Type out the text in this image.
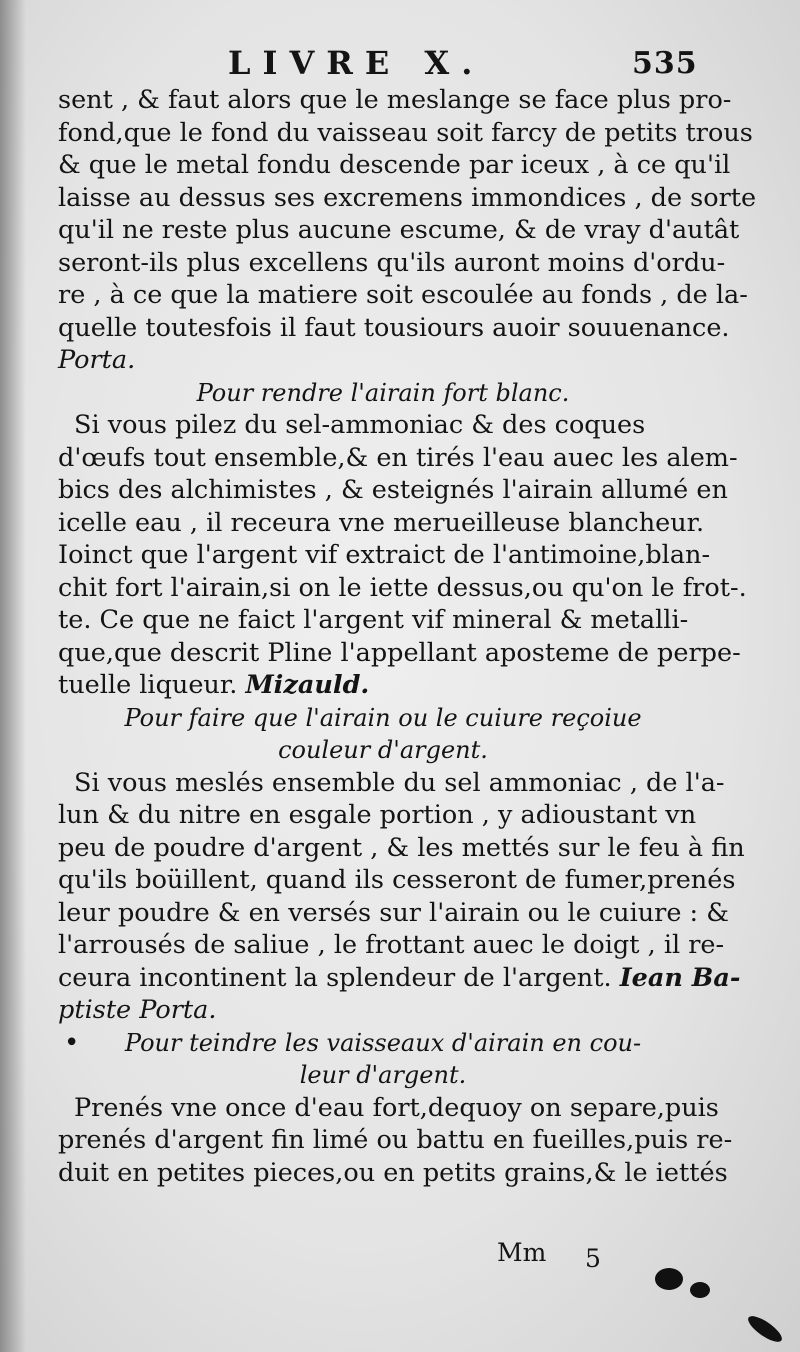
LIVRE X.	535
sent , & faut alors que le meslange se face plus pro-
fond,que le fond du vaisseau soit farcy de petits trous
& que le metal fondu descende par iceux , à ce qu'il
laisse au dessus ses excremens immondices , de sorte
qu'il ne reste plus aucune escume, & de vray d'autât
seront-ils plus excellens qu'ils auront moins d'ordu-
re , à ce que la matiere soit escoulée au fonds , de la-
quelle toutesfois il faut tousiours auoir souuenance.
Porta.
Pour rendre l'airain fort blanc.
Si vous pilez du sel-ammoniac & des coques
d'œufs tout ensemble,& en tirés l'eau auec les alem-
bics des alchimistes , & esteignés l'airain allumé en
icelle eau , il receura vne merueilleuse blancheur.
Ioinct que l'argent vif extraict de l'antimoine,blan-
chit fort l'airain,si on le iette dessus,ou qu'on le frot-.
te. Ce que ne faict l'argent vif mineral & metalli-
que,que descrit Pline l'appellant aposteme de perpe-
tuelle liqueur. Mizauld.
Pour faire que l'airain ou le cuiure reçoiue
couleur d'argent.
Si vous meslés ensemble du sel ammoniac , de l'a-
lun & du nitre en esgale portion , y adioustant vn
peu de poudre d'argent , & les mettés sur le feu à fin
qu'ils boüillent, quand ils cesseront de fumer,prenés
leur poudre & en versés sur l'airain ou le cuiure : &
l'arrousés de saliue , le frottant auec le doigt , il re-
ceura incontinent la splendeur de l'argent. Iean Ba-
ptiste Porta.
• Pour teindre les vaisseaux d'airain en cou-
leur d'argent.
Prenés vne once d'eau fort,dequoy on separe,puis
prenés d'argent fin limé ou battu en fueilles,puis re-
duit en petites pieces,ou en petits grains,& le iettés
Mm 5
